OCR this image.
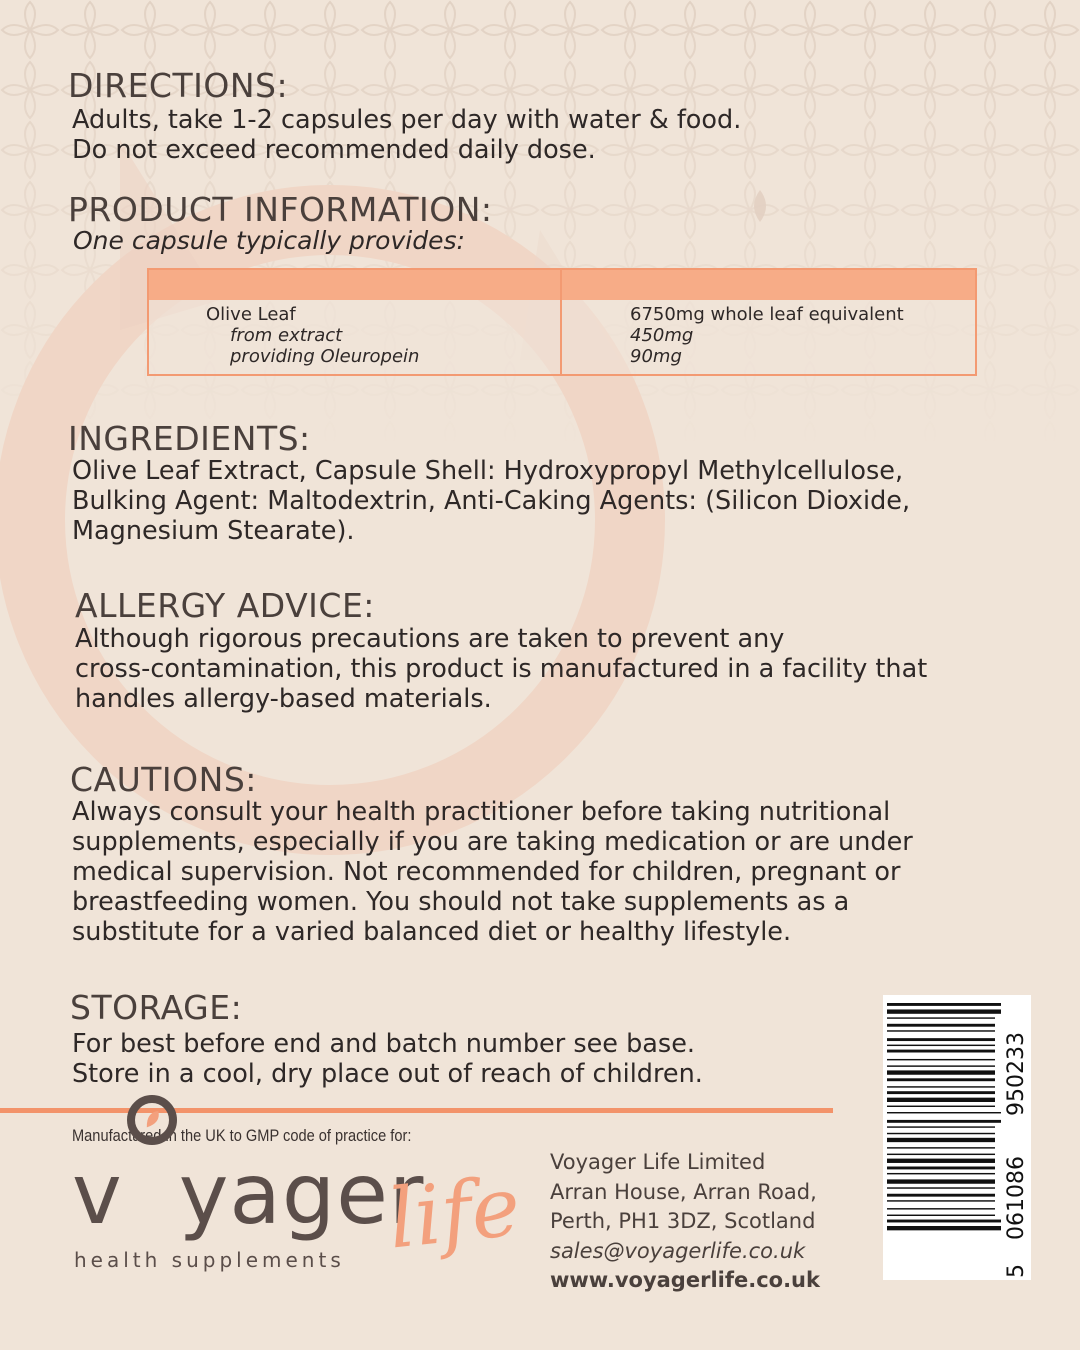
DIRECTIONS:

Adults, take 1-2 capsules per day with water & food.
Do not exceed recommended daily dose.

PRODUCT INFORMATION:

One capsule typically provides:

Olive Leaf
from extract
providing Oleuropein
6750mg whole leaf equivalent
450mg
90mg
INGREDIENTS:

Olive Leaf Extract, Capsule Shell: Hydroxypropyl Methylcellulose,
Bulking Agent: Maltodextrin, Anti-Caking Agents: (Silicon Dioxide,
Magnesium Stearate).

ALLERGY ADVICE:

Although rigorous precautions are taken to prevent any
cross-contamination, this product is manufactured in a facility that
handles allergy-based materials.

CAUTIONS:

Always consult your health practitioner before taking nutritional
supplements, especially if you are taking medication or are under
medical supervision. Not recommended for children, pregnant or
breastfeeding women. You should not take supplements as a
substitute for a varied balanced diet or healthy lifestyle.

STORAGE:

For best before end and batch number see base.
Store in a cool, dry place out of reach of children.

Manufactured in the UK to GMP code of practice for:

v yager
life
health supplements

Voyager Life Limited
Arran House, Arran Road,
Perth, PH1 3DZ, Scotland
sales@voyagerlife.co.uk
www.voyagerlife.co.uk	5
061086
950233
